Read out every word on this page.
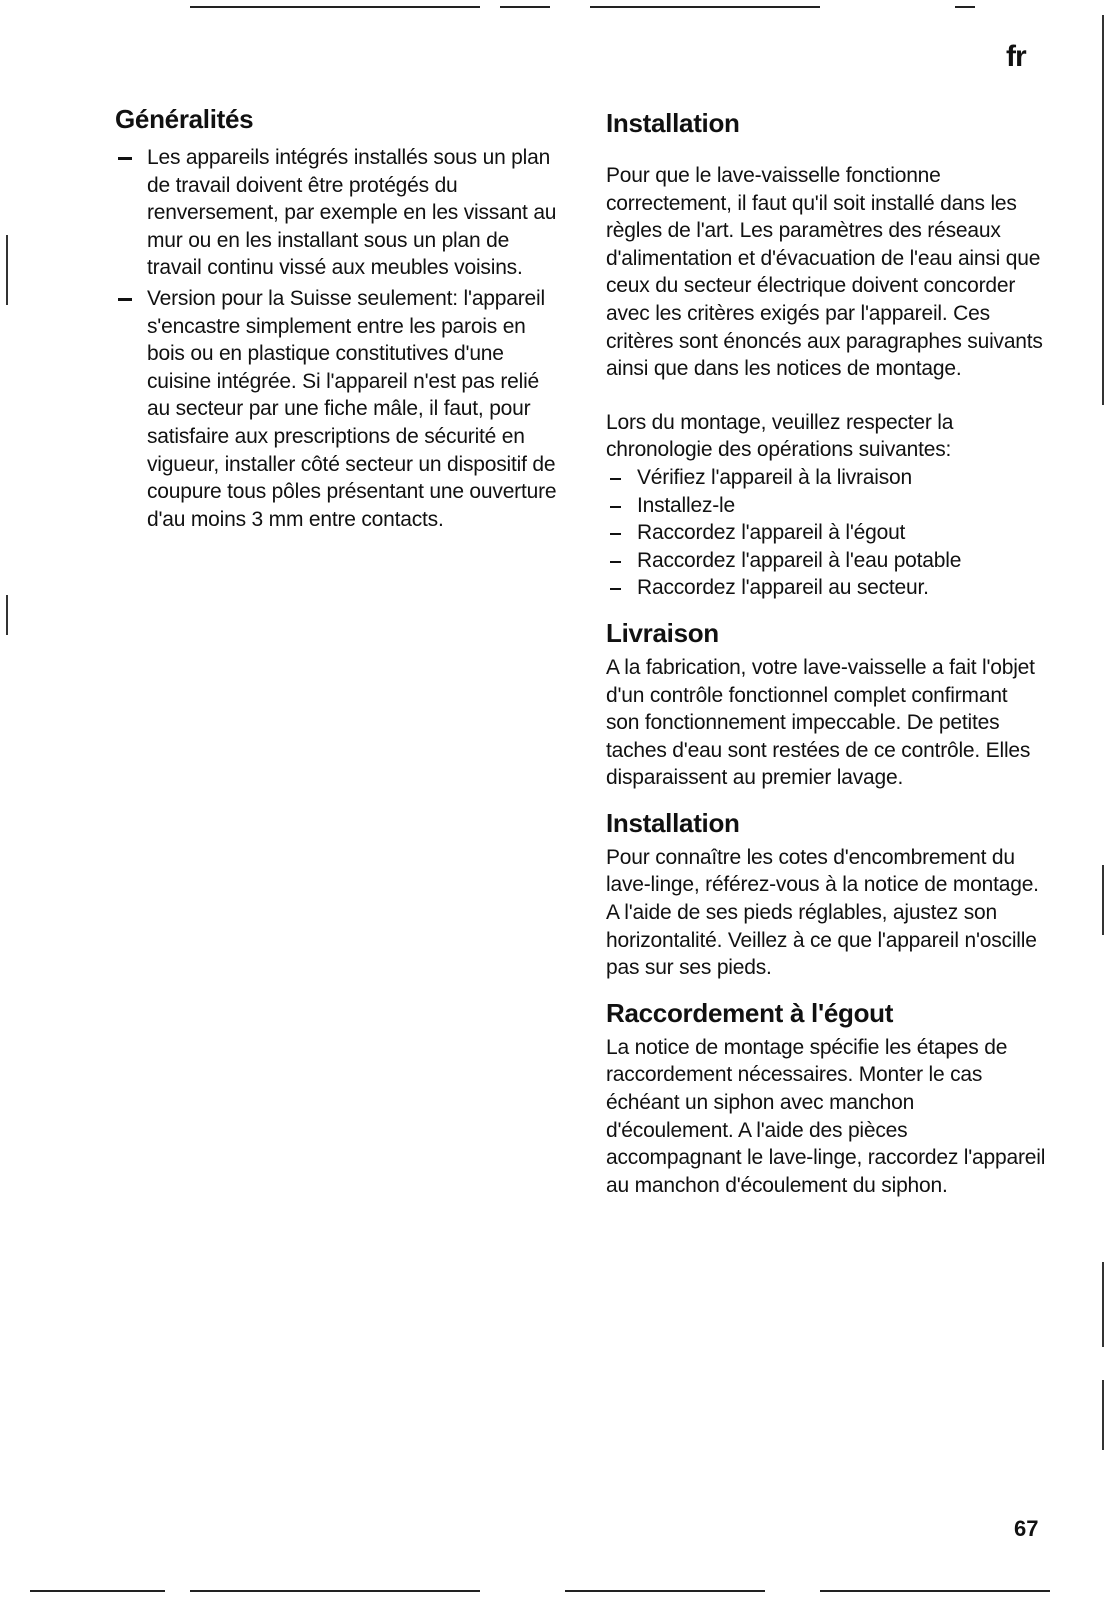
fr
Généralités
Les appareils intégrés installés sous un plan de travail doivent être protégés du renversement, par exemple en les vissant au mur ou en les installant sous un plan de travail continu vissé aux meubles voisins.
Version pour la Suisse seulement: l'appareil s'encastre simplement entre les parois en bois ou en plastique constitutives d'une cuisine intégrée. Si l'appareil n'est pas relié au secteur par une fiche mâle, il faut, pour satisfaire aux prescriptions de sécurité en vigueur, installer côté secteur un dispositif de coupure tous pôles présentant une ouverture d'au moins 3 mm entre contacts.
Installation

Pour que le lave-vaisselle fonctionne correctement, il faut qu'il soit installé dans les règles de l'art. Les paramètres des réseaux d'alimentation et d'évacuation de l'eau ainsi que ceux du secteur électrique doivent concorder avec les critères exigés par l'appareil. Ces critères sont énoncés aux paragraphes suivants ainsi que dans les notices de montage.

Lors du montage, veuillez respecter la chronologie des opérations suivantes:

Vérifiez l'appareil à la livraison
Installez-le
Raccordez l'appareil à l'égout
Raccordez l'appareil à l'eau potable
Raccordez l'appareil au secteur.
Livraison

A la fabrication, votre lave-vaisselle a fait l'objet d'un contrôle fonctionnel complet confirmant son fonctionnement impeccable. De petites taches d'eau sont restées de ce contrôle. Elles disparaissent au premier lavage.

Installation

Pour connaître les cotes d'encombrement du lave-linge, référez-vous à la notice de montage. A l'aide de ses pieds réglables, ajustez son horizontalité. Veillez à ce que l'appareil n'oscille pas sur ses pieds.

Raccordement à l'égout

La notice de montage spécifie les étapes de raccordement nécessaires. Monter le cas échéant un siphon avec manchon d'écoulement. A l'aide des pièces accompagnant le lave-linge, raccordez l'appareil au manchon d'écoulement du siphon.

67
